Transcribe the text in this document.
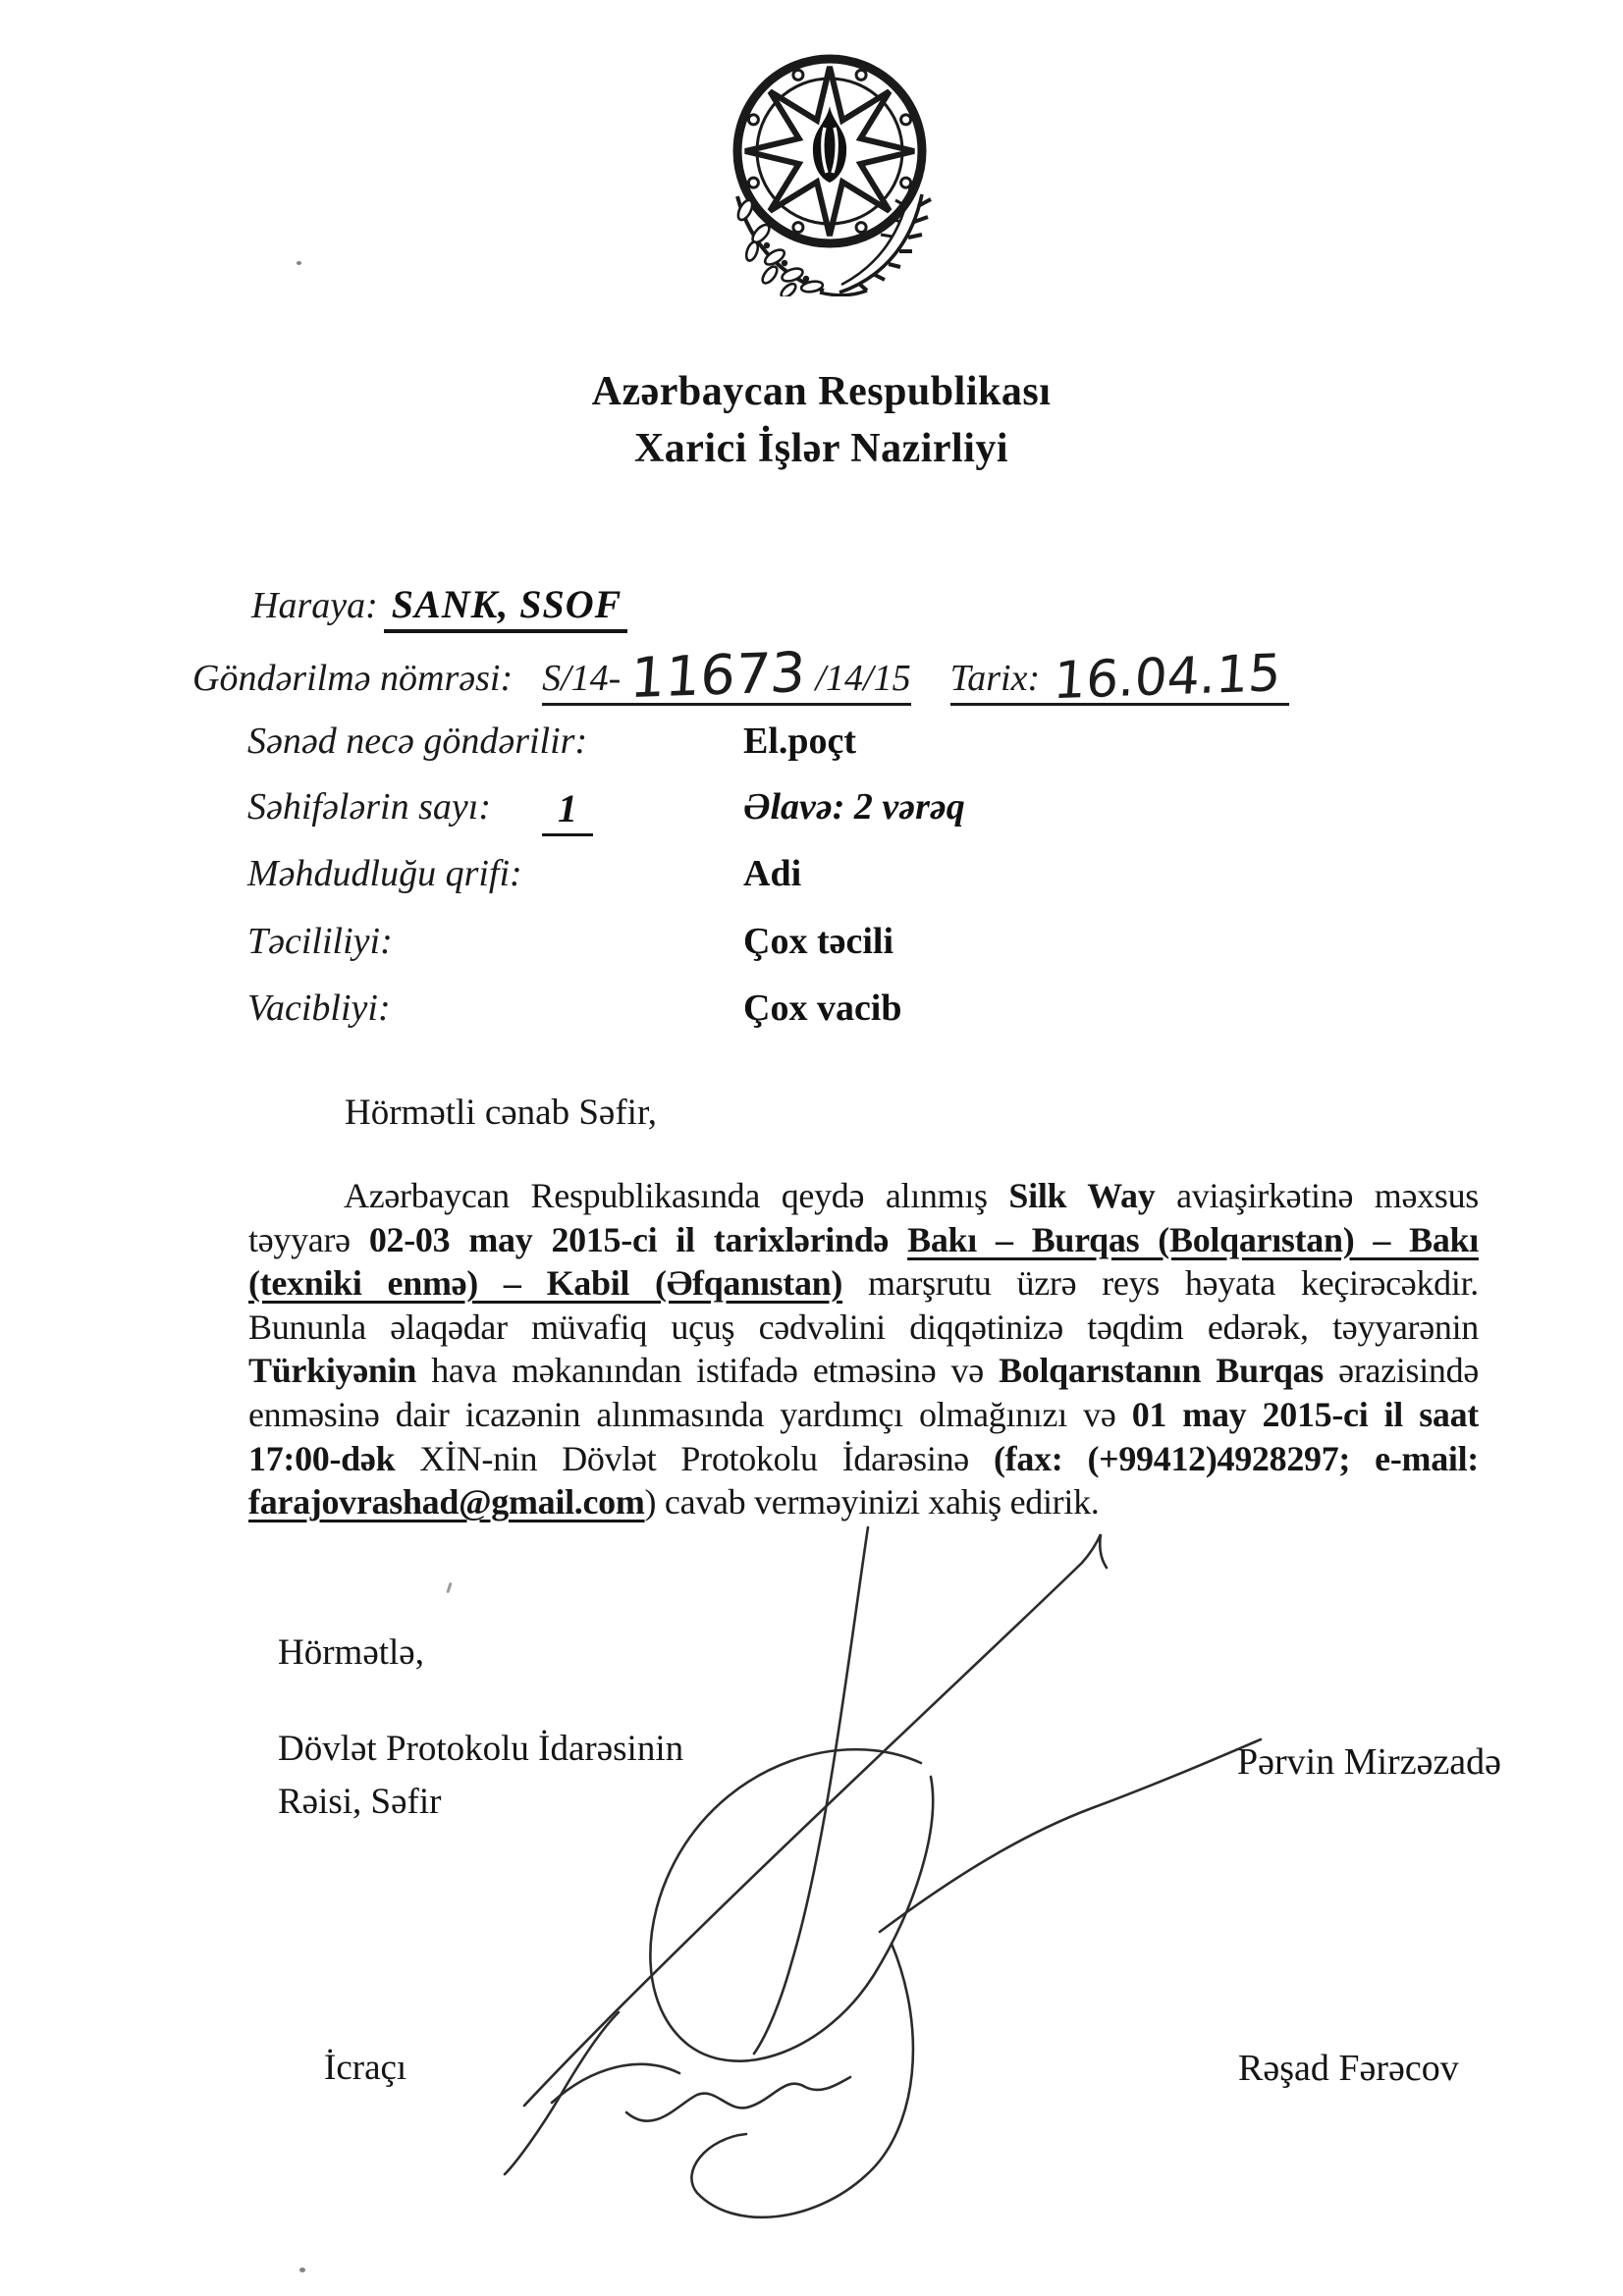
Azərbaycan Respublikası
Xarici İşlər Nazirliyi
Haraya: SANK, SSOF
Göndərilmə nömrəsi: S/14- 11673 /14/15 Tarix: 16.04.15
Sənəd necə göndərilir:	El.poçt
Səhifələrin sayı:	1	Əlavə: 2 vərəq
Məhdudluğu qrifi:	Adi
Təcililiyi:	Çox təcili
Vacibliyi:	Çox vacib
Hörmətli cənab Səfir,
Azərbaycan Respublikasında qeydə alınmış Silk Way aviaşirkətinə məxsus
təyyarə 02-03 may 2015-ci il tarixlərində Bakı – Burqas (Bolqarıstan) – Bakı
(texniki enmə) – Kabil (Əfqanıstan) marşrutu üzrə reys həyata keçirəcəkdir.
Bununla əlaqədar müvafiq uçuş cədvəlini diqqətinizə təqdim edərək, təyyarənin
Türkiyənin hava məkanından istifadə etməsinə və Bolqarıstanın Burqas ərazisində
enməsinə dair icazənin alınmasında yardımçı olmağınızı və 01 may 2015-ci il saat
17:00-dək XİN-nin Dövlət Protokolu İdarəsinə (fax: (+99412)4928297; e-mail:
farajovrashad@gmail.com) cavab verməyinizi xahiş edirik.
Hörmətlə,
Dövlət Protokolu İdarəsinin
Rəisi, Səfir
Pərvin Mirzəzadə
İcraçı	Rəşad Fərəcov
